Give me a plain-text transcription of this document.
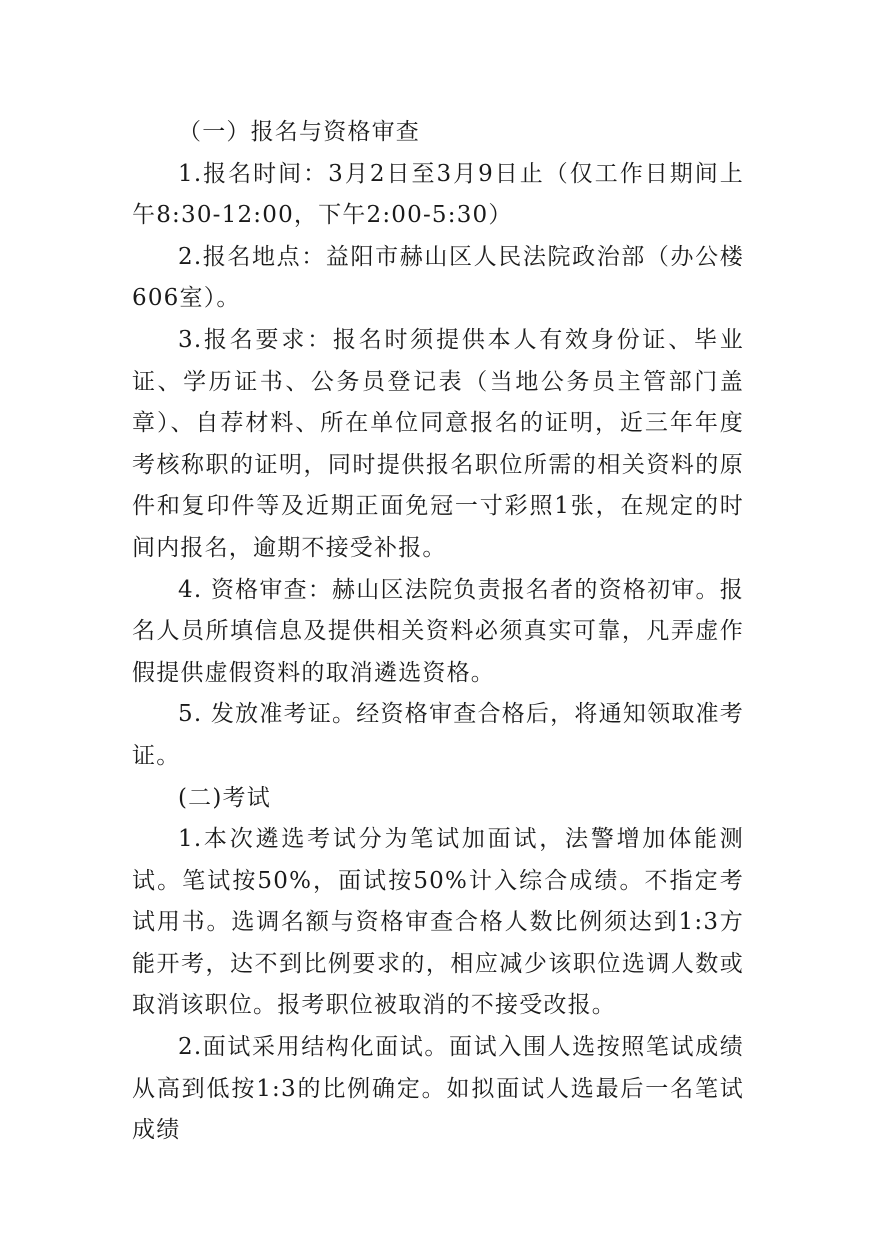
（一）报名与资格审查

1.报名时间：3月2日至3月9日止（仅工作日期间上午8:30-12:00，下午2:00-5:30）

2.报名地点：益阳市赫山区人民法院政治部（办公楼606室）。

3.报名要求：报名时须提供本人有效身份证、毕业证、学历证书、公务员登记表（当地公务员主管部门盖章）、自荐材料、所在单位同意报名的证明，近三年年度考核称职的证明，同时提供报名职位所需的相关资料的原件和复印件等及近期正面免冠一寸彩照1张，在规定的时间内报名，逾期不接受补报。

4. 资格审查：赫山区法院负责报名者的资格初审。报名人员所填信息及提供相关资料必须真实可靠，凡弄虚作假提供虚假资料的取消遴选资格。

5. 发放准考证。经资格审查合格后，将通知领取准考证。

(二)考试

1.本次遴选考试分为笔试加面试，法警增加体能测试。笔试按50%，面试按50%计入综合成绩。不指定考试用书。选调名额与资格审查合格人数比例须达到1:3方能开考，达不到比例要求的，相应减少该职位选调人数或取消该职位。报考职位被取消的不接受改报。

2.面试采用结构化面试。面试入围人选按照笔试成绩从高到低按1:3的比例确定。如拟面试人选最后一名笔试成绩
